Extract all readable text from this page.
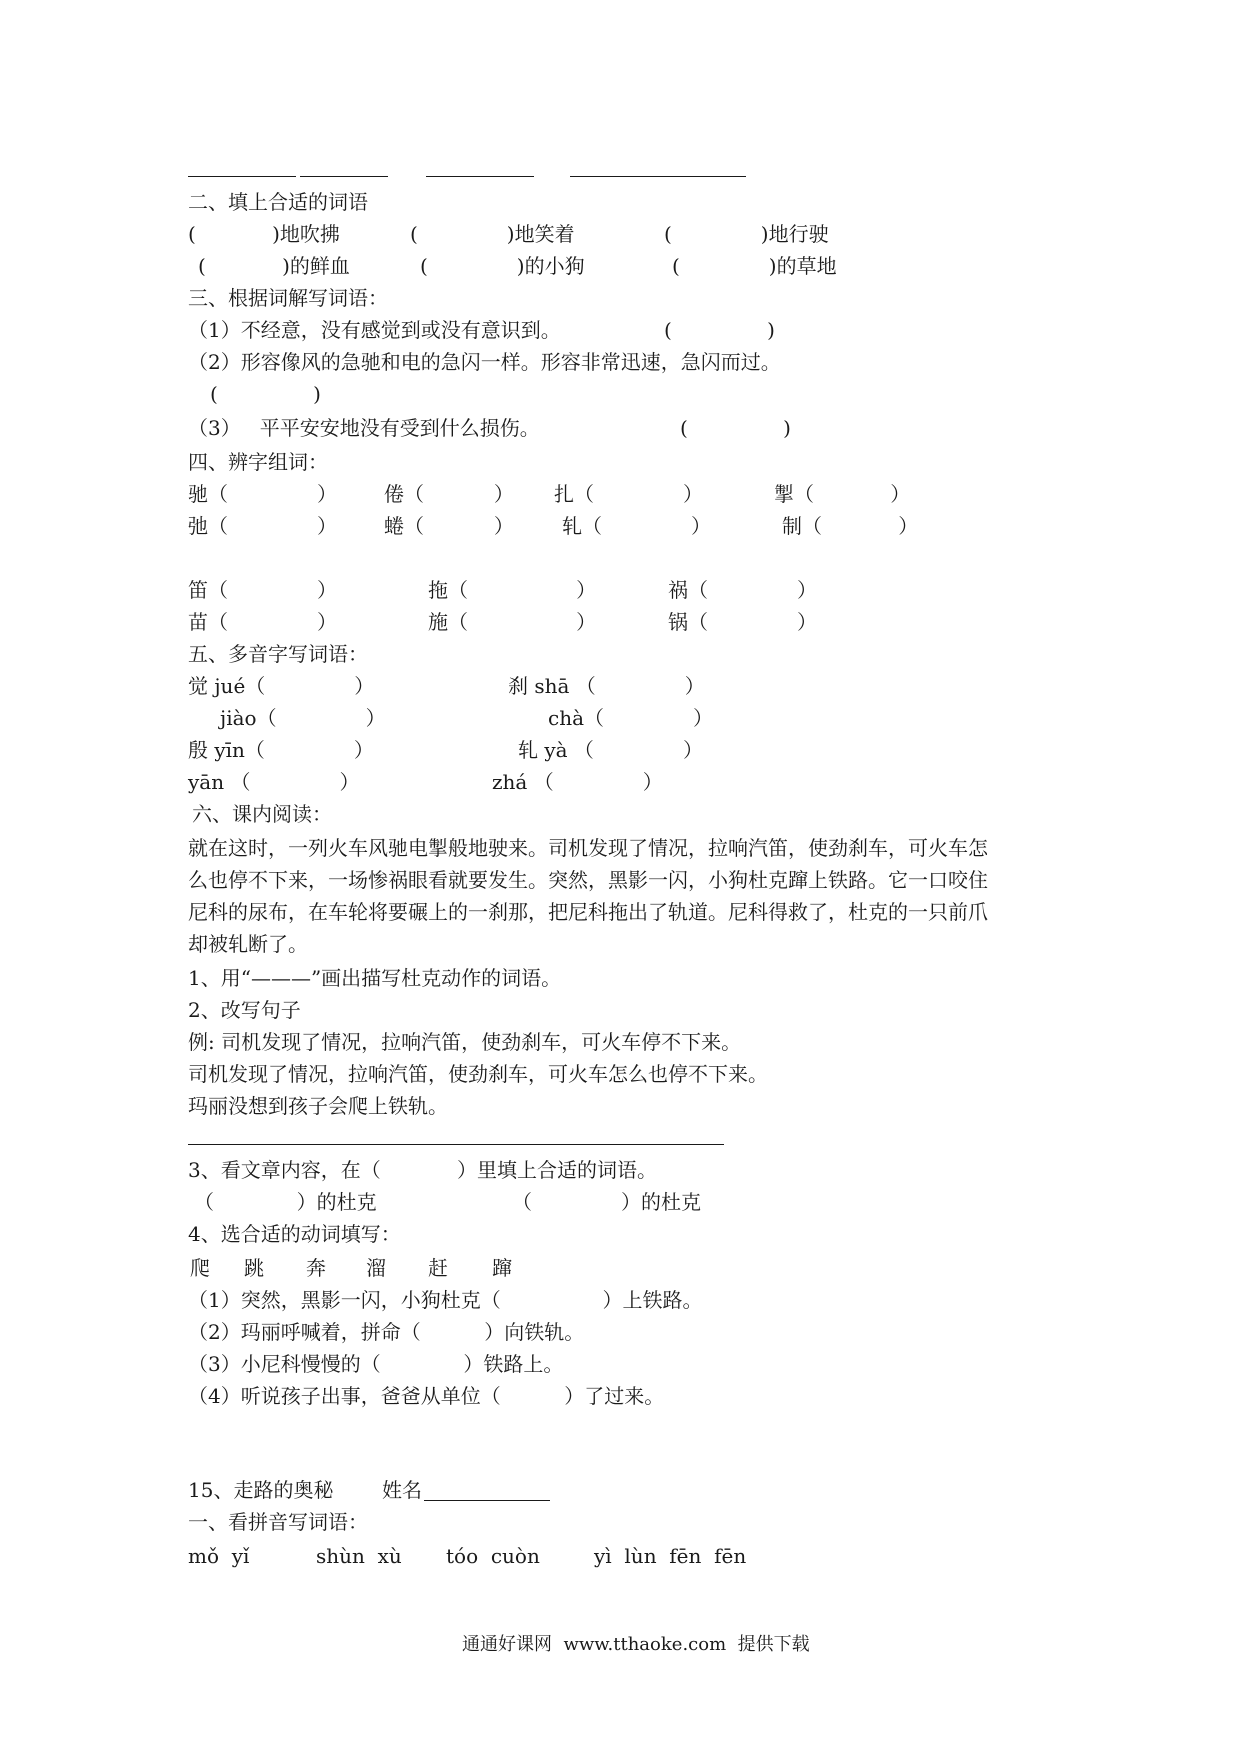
二、填上合适的词语
(            )地吹拂	(              )地笑着	(              )地行驶
(            )的鲜血	(              )的小狗	(              )的草地
三、根据词解写词语：
（1）不经意，没有感觉到或没有意识到。	(               )
（2）形容像风的急驰和电的急闪一样。形容非常迅速，急闪而过。
(               )
（3）   平平安安地没有受到什么损伤。	(               )
四、辨字组词：
驰（              ） 倦（           ） 扎（              ）	掣（            ）
弛（              ） 蜷（           ） 轧（              ）	制（            ）
笛（              ）	拖（                 ）	祸（              ）
苗（              ）	施（                 ）	锅（              ）
五、多音字写词语：
觉 jué（              ）	刹 shā （              ）
jiào（              ）	chà（              ）
殷 yīn（              ）	轧 yà （              ）
yān （              ）	zhá （              ）
六、课内阅读：
就在这时，一列火车风驰电掣般地驶来。司机发现了情况，拉响汽笛，使劲刹车，可火车怎
么也停不下来，一场惨祸眼看就要发生。突然，黑影一闪，小狗杜克蹿上铁路。它一口咬住
尼科的尿布，在车轮将要碾上的一刹那，把尼科拖出了轨道。尼科得救了，杜克的一只前爪
却被轧断了。
1、用“———”画出描写杜克动作的词语。
2、改写句子
例: 司机发现了情况，拉响汽笛，使劲刹车，可火车停不下来。
司机发现了情况，拉响汽笛，使劲刹车，可火车怎么也停不下来。
玛丽没想到孩子会爬上铁轨。
3、看文章内容，在（            ）里填上合适的词语。
（             ）的杜克	（              ）的杜克
4、选合适的动词填写：
爬 跳 奔 溜 赶 蹿
（1）突然，黑影一闪，小狗杜克（                ）上铁路。
（2）玛丽呼喊着，拼命（          ）向铁轨。
（3）小尼科慢慢的（             ）铁路上。
（4）听说孩子出事，爸爸从单位（          ）了过来。
15、走路的奥秘 姓名
一、看拼音写词语：
mǒ  yǐ	shùn  xù tóo  cuòn	yì  lùn  fēn  fēn
通通好课网  www.tthaoke.com  提供下载
